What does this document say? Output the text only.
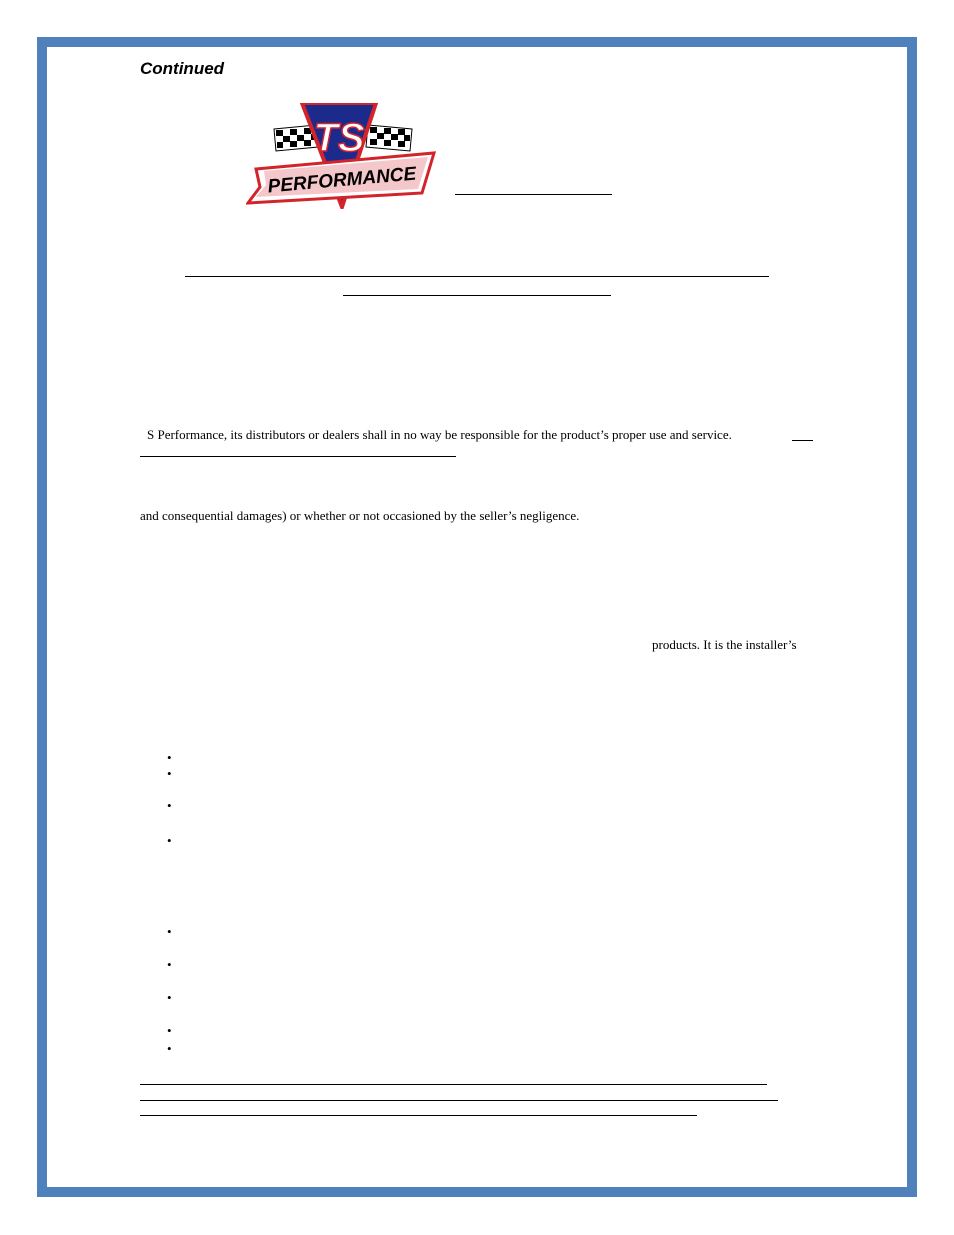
Continued
TS
PERFORMANCE
S Performance, its distributors or dealers shall in no way be responsible for the product’s proper use and service.
and consequential damages) or whether or not occasioned by the seller’s negligence.
products. It is the installer’s
•
•
•
•
•
•
•
•
•
